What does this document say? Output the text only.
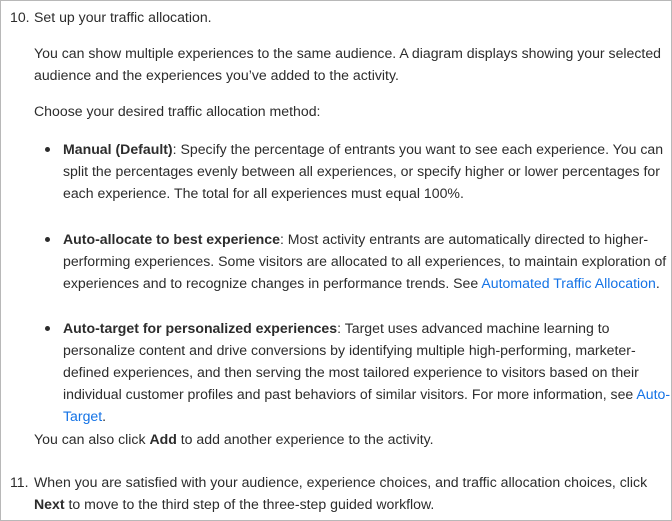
10. Set up your traffic allocation.
You can show multiple experiences to the same audience. A diagram displays showing your selected audience and the experiences you’ve added to the activity.
Choose your desired traffic allocation method:
Manual (Default): Specify the percentage of entrants you want to see each experience. You can split the percentages evenly between all experiences, or specify higher or lower percentages for each experience. The total for all experiences must equal 100%.
Auto-allocate to best experience: Most activity entrants are automatically directed to higher-performing experiences. Some visitors are allocated to all experiences, to maintain exploration of experiences and to recognize changes in performance trends. See Automated Traffic Allocation.
Auto-target for personalized experiences: Target uses advanced machine learning to personalize content and drive conversions by identifying multiple high-performing, marketer-defined experiences, and then serving the most tailored experience to visitors based on their individual customer profiles and past behaviors of similar visitors. For more information, see Auto-Target.
You can also click Add to add another experience to the activity.
11. When you are satisfied with your audience, experience choices, and traffic allocation choices, click Next to move to the third step of the three-step guided workflow.
